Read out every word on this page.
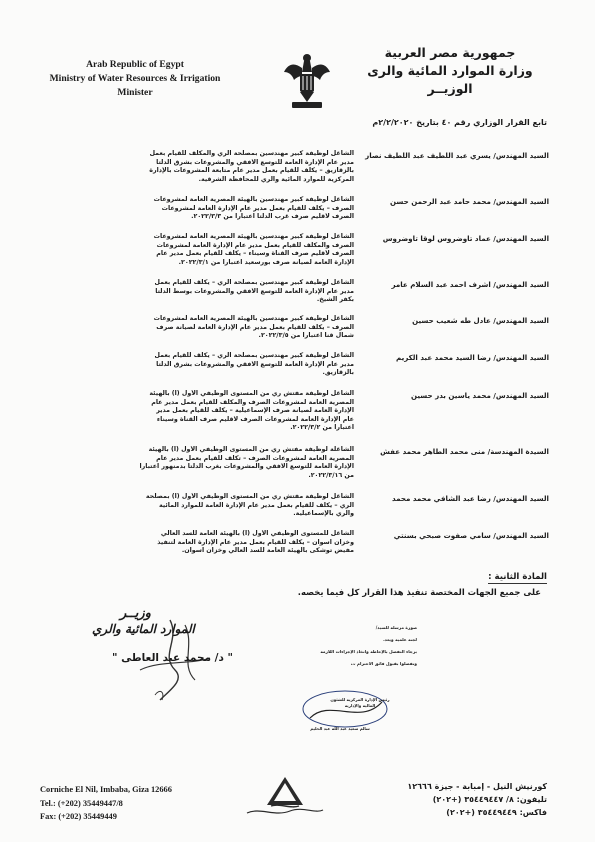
Arab Republic of Egypt
Ministry of Water Resources & Irrigation
Minister
جمهورية مصر العربية
وزارة الموارد المائية والرى
الوزيــر
تابع القرار الوزاري رقم ٤٠ بتاريخ ٢/٢/٢٠٢٠م
السيد المهندس/ يسري عبد اللطيف عبد اللطيف نصار
الشاغل لوظيفة كبير مهندسين بمصلحة الري والمكلف للقيام بعمل
مدير عام الإدارة العامة للتوسع الافقي والمشروعات بشرق الدلتا
بالزقازيق – يكلف للقيام بعمل مدير عام متابعة المشروعات بالإدارة
المركزية للموارد المائية والري للمحافظة الشرقية.
السيد المهندس/ محمد حامد عبد الرحمن حسن
الشاغل لوظيفة كبير مهندسين بالهيئة المصرية العامة لمشروعات
الصرف – يكلف للقيام بعمل مدير عام الإدارة العامة لمشروعات
الصرف لاقليم صرف غرب الدلتا اعتباراً من ٢٠٢٢/٣/٣.
السيد المهندس/ عماد تاوضروس لوقا تاوضروس
الشاغل لوظيفة كبير مهندسين بالهيئة المصرية العامة لمشروعات
الصرف والمكلف للقيام بعمل مدير عام الإدارة العامة لمشروعات
الصرف لأقليم صرف القناة وسيناء – يكلف للقيام بعمل مدير عام
الإدارة العامة لصيانة صرف بورسعيد اعتباراً من ٢٠٢٢/٣/١.
السيد المهندس/ اشرف احمد عبد السلام عامر
الشاغل لوظيفة كبير مهندسين بمصلحة الري – يكلف للقيام بعمل
مدير عام الإدارة العامة للتوسع الافقي والمشروعات بوسط الدلتا
بكفر الشيخ.
السيد المهندس/ عادل طه شعيب حسين
الشاغل لوظيفة كبير مهندسين بالهيئة المصرية العامة لمشروعات
الصرف – يكلف للقيام بعمل مدير عام الإدارة العامة لصيانة صرف
شمال قنا اعتباراً من ٢٠٢٢/٣/٥.
السيد المهندس/ رضا السيد محمد عبد الكريم
الشاغل لوظيفة كبير مهندسين بمصلحة الري – يكلف للقيام بعمل
مدير عام الإدارة العامة للتوسع الافقي والمشروعات بشرق الدلتا
بالزقازيق.
السيد المهندس/ محمد ياسين بدر حسين
الشاغل لوظيفة مفتش ري من المستوى الوظيفي الأول (أ) بالهيئة
المصرية العامة لمشروعات الصرف والمكلف للقيام بعمل مدير عام
الإدارة العامة لصيانة صرف الإسماعيلية – يكلف للقيام بعمل مدير
عام الإدارة العامة لمشروعات الصرف لاقليم صرف القناة وسيناء
اعتباراً من ٢٠٢٢/٣/٢.
السيدة المهندسة/ منى محمد الطاهر محمد عفش
الشاغلة لوظيفة مفتش ري من المستوى الوظيفي الأول (أ) بالهيئة
المصرية العامة لمشروعات الصرف – تكلف للقيام بعمل مدير عام
الإدارة العامة للتوسع الافقي والمشروعات بغرب الدلتا بدمنهور اعتباراً
من ٢٠٢٢/٣/١٦.
السيد المهندس/ رضا عبد الشافي محمد محمد
الشاغل لوظيفة مفتش ري من المستوى الوظيفي الأول (أ) بمصلحة
الري – يكلف للقيام بعمل مدير عام الإدارة العامة للموارد المائية
والري بالإسماعيلية.
السيد المهندس/ سامي صفوت صبحي بسنتي
الشاغل للمستوى الوظيفي الأول (أ) بالهيئة العامة للسد العالي
وخزان أسوان – يكلف للقيام بعمل مدير عام الإدارة العامة لتنفيذ
مفيض توشكى بالهيئة العامة للسد العالي وخزان أسوان.
المادة الثانية :
على جميع الجهات المختصة تنفيذ هذا القرار كل فيما يخصه.
وزيــر
الموارد المائية والري
" د/ محمد عبد العاطى "
صورة مرسلة للسيد/
لجنة علمية ويعد.
برجاء التفضل بالإحاطة واتخاذ الإجراءات اللازمة
وتفضلوا بقبول فائق الاحترام ،،،
رئيس الإدارة المركزية للشئون المالية والإدارية
سالم سعيد عبد الله عبد الحليم
Corniche El Nil, Imbaba, Giza 12666
Tel.: (+202) 35449447/8
Fax: (+202) 35449449
كورنيش النيل - إمبابة - جيزة ١٢٦٦٦
تليفون: ٨/ ٣٥٤٤٩٤٤٧ (+٢٠٢)
فاكس: ٣٥٤٤٩٤٤٩ (+٢٠٢)
